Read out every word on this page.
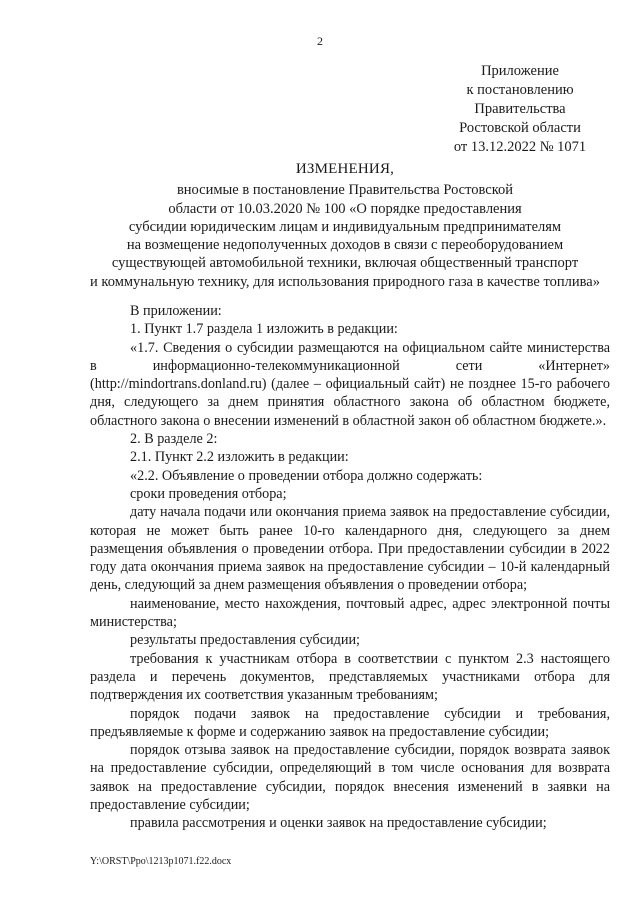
2
Приложение
к постановлению
Правительства
Ростовской области
от 13.12.2022 № 1071
ИЗМЕНЕНИЯ,
вносимые в постановление Правительства Ростовской
области от 10.03.2020 № 100 «О порядке предоставления
субсидии юридическим лицам и индивидуальным предпринимателям
на возмещение недополученных доходов в связи с переоборудованием
существующей автомобильной техники, включая общественный транспорт
и коммунальную технику, для использования природного газа в качестве топлива»

В приложении:

1. Пункт 1.7 раздела 1 изложить в редакции:

«1.7. Сведения о субсидии размещаются на официальном сайте министерства в информационно-телекоммуникационной сети «Интернет» (http://mindortrans.donland.ru) (далее – официальный сайт) не позднее 15-го рабочего дня, следующего за днем принятия областного закона об областном бюджете, областного закона о внесении изменений в областной закон об областном бюджете.».

2. В разделе 2:

2.1. Пункт 2.2 изложить в редакции:

«2.2. Объявление о проведении отбора должно содержать:

сроки проведения отбора;

дату начала подачи или окончания приема заявок на предоставление субсидии, которая не может быть ранее 10-го календарного дня, следующего за днем размещения объявления о проведении отбора. При предоставлении субсидии в 2022 году дата окончания приема заявок на предоставление субсидии – 10-й календарный день, следующий за днем размещения объявления о проведении отбора;

наименование, место нахождения, почтовый адрес, адрес электронной почты министерства;

результаты предоставления субсидии;

требования к участникам отбора в соответствии с пунктом 2.3 настоящего раздела и перечень документов, представляемых участниками отбора для подтверждения их соответствия указанным требованиям;

порядок подачи заявок на предоставление субсидии и требования, предъявляемые к форме и содержанию заявок на предоставление субсидии;

порядок отзыва заявок на предоставление субсидии, порядок возврата заявок на предоставление субсидии, определяющий в том числе основания для возврата заявок на предоставление субсидии, порядок внесения изменений в заявки на предоставление субсидии;

правила рассмотрения и оценки заявок на предоставление субсидии;

Y:\ORST\Ppo\1213p1071.f22.docx
